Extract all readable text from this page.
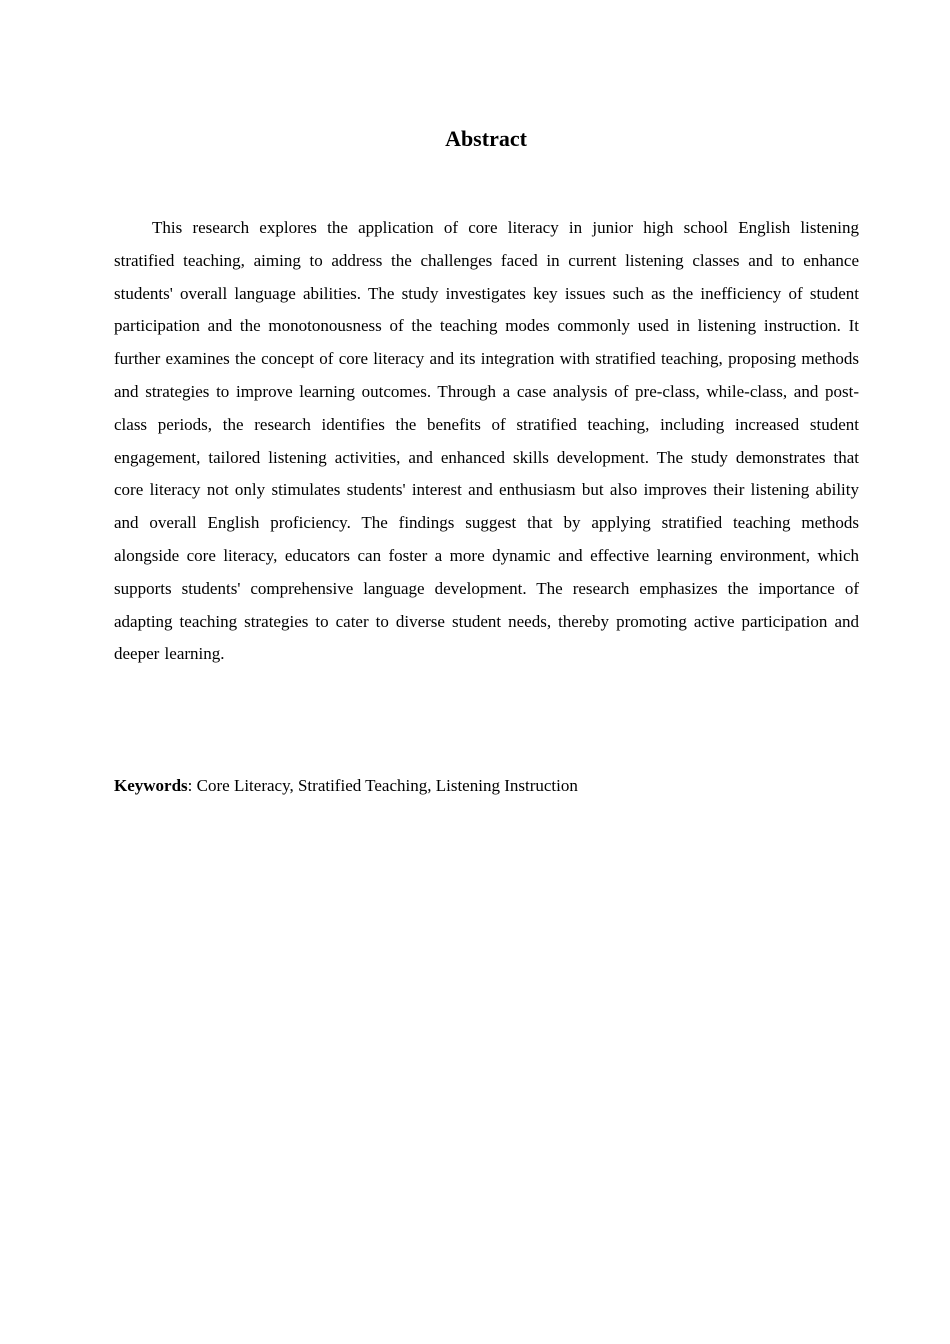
Abstract

This research explores the application of core literacy in junior high school English listening stratified teaching, aiming to address the challenges faced in current listening classes and to enhance students' overall language abilities. The study investigates key issues such as the inefficiency of student participation and the monotonousness of the teaching modes commonly used in listening instruction. It further examines the concept of core literacy and its integration with stratified teaching, proposing methods and strategies to improve learning outcomes. Through a case analysis of pre-class, while-class, and post-class periods, the research identifies the benefits of stratified teaching, including increased student engagement, tailored listening activities, and enhanced skills development. The study demonstrates that core literacy not only stimulates students' interest and enthusiasm but also improves their listening ability and overall English proficiency. The findings suggest that by applying stratified teaching methods alongside core literacy, educators can foster a more dynamic and effective learning environment, which supports students' comprehensive language development. The research emphasizes the importance of adapting teaching strategies to cater to diverse student needs, thereby promoting active participation and deeper learning.

Keywords: Core Literacy, Stratified Teaching, Listening Instruction
